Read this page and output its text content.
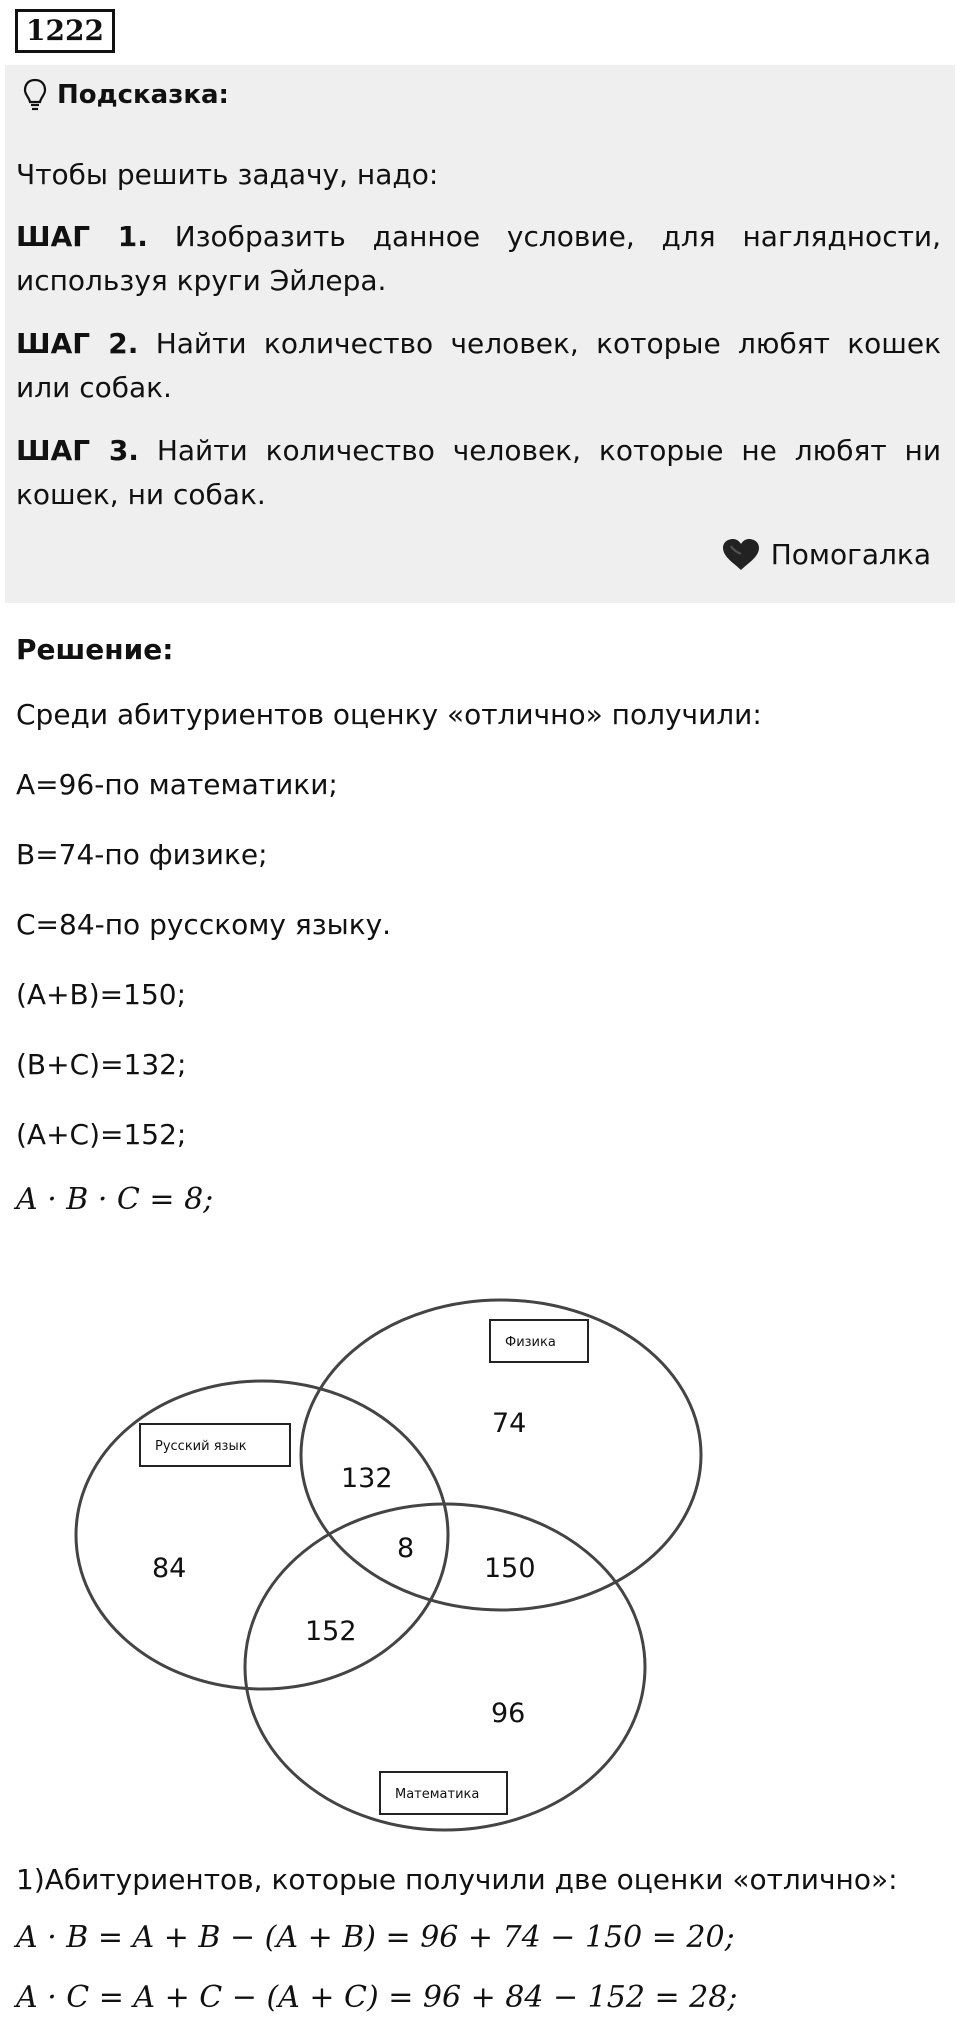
1222
Подсказка:
Чтобы решить задачу, надо:
ШАГ 1. Изобразить данное условие, для наглядности, используя круги Эйлера.
ШАГ 2. Найти количество человек, которые любят кошек или собак.
ШАГ 3. Найти количество человек, которые не любят ни кошек, ни собак.
Помогалка
Решение:
Среди абитуриентов оценку «отлично» получили:
A=96-по математики;
B=74-по физике;
C=84-по русскому языку.
(A+B)=150;
(B+C)=132;
(A+C)=152;
A · B · C = 8;
Физика
Русский язык
Математика
74
132
84
8
150
152
96
1)Абитуриентов, которые получили две оценки «отлично»:
A · B = A + B − (A + B) = 96 + 74 − 150 = 20;
A · C = A + C − (A + C) = 96 + 84 − 152 = 28;
